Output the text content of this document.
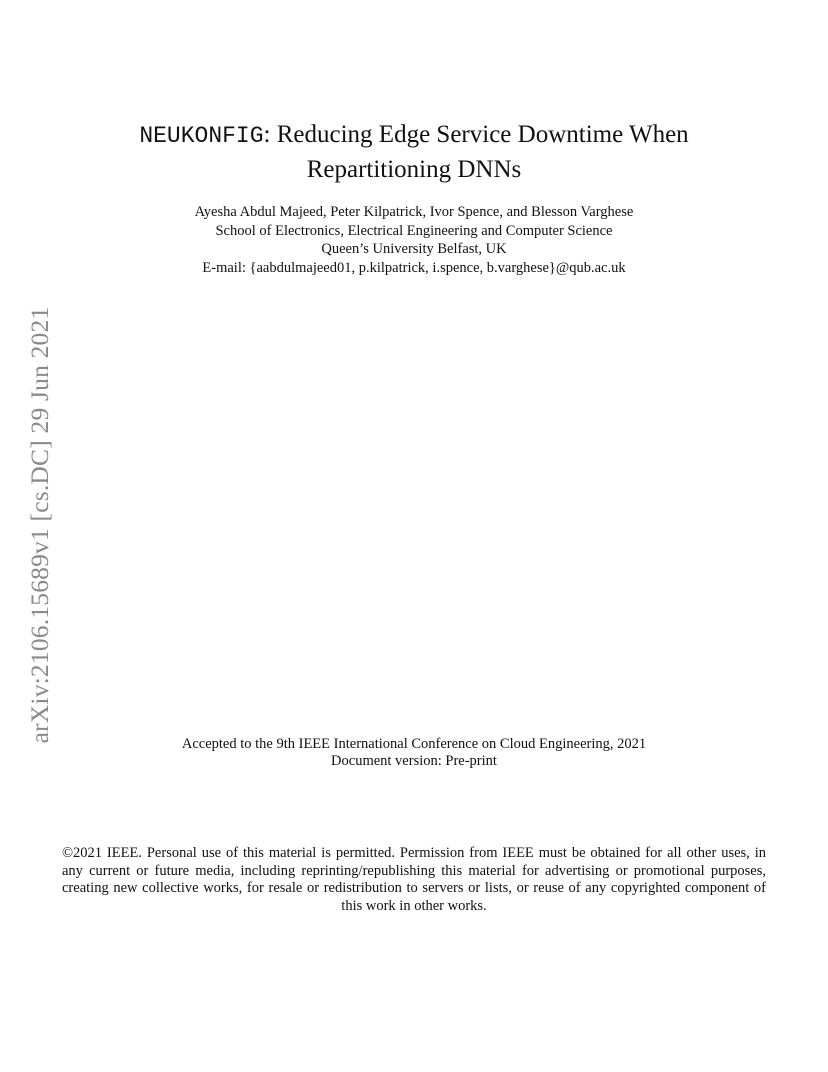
arXiv:2106.15689v1 [cs.DC] 29 Jun 2021
NEUKONFIG: Reducing Edge Service Downtime When
Repartitioning DNNs
Ayesha Abdul Majeed, Peter Kilpatrick, Ivor Spence, and Blesson Varghese
School of Electronics, Electrical Engineering and Computer Science
Queen’s University Belfast, UK
E-mail: {aabdulmajeed01, p.kilpatrick, i.spence, b.varghese}@qub.ac.uk
Accepted to the 9th IEEE International Conference on Cloud Engineering, 2021
Document version: Pre-print
©2021 IEEE. Personal use of this material is permitted. Permission from IEEE must be obtained for all other uses, in any current or future media, including reprinting/republishing this material for advertising or promotional purposes, creating new collective works, for resale or redistribution to servers or lists, or reuse of any copyrighted component of this work in other works.
